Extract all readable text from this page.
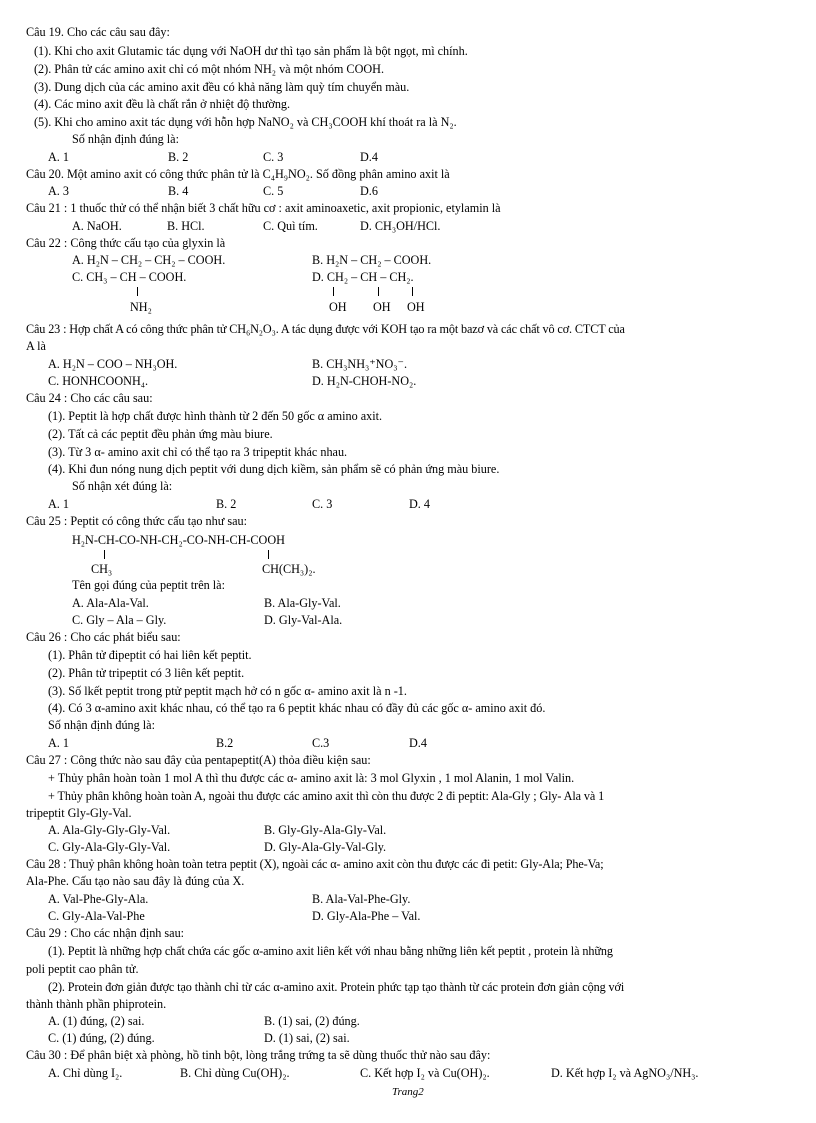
Câu 19. Cho các câu sau đây:
(1). Khi cho axit Glutamic tác dụng với NaOH dư thì tạo sản phẩm là bột ngọt, mì chính.
(2). Phân tử các amino axit chỉ có một nhóm NH₂ và một nhóm COOH.
(3). Dung dịch của các amino axit đều có khả năng làm quỳ tím chuyển màu.
(4). Các mino axit đều là chất rắn ở nhiệt độ thường.
(5). Khi cho amino axit tác dụng với hỗn hợp NaNO₂ và CH₃COOH khí thoát ra là N₂.
Số nhận định đúng là:
A. 1	B. 2	C. 3	D.4
Câu 20. Một amino axit có công thức phân tử là C₄H₉NO₂. Số đồng phân amino axit là
A. 3	B. 4	C. 5	D.6
Câu 21 : 1 thuốc thử có thể nhận biết 3 chất hữu cơ : axit aminoaxetic, axit propionic, etylamin là
A. NaOH.	B. HCl.	C. Quì tím.	D. CH₃OH/HCl.
Câu 22 : Công thức cấu tạo của glyxin là
A. H₂N – CH₂ – CH₂ – COOH.	B. H₂N – CH₂ – COOH.
C. CH₃ – CH – COOH.	D. CH₂ – CH – CH₂.
NH₂	OH OH OH
Câu 23 : Hợp chất A có công thức phân tử CH₆N₂O₃. A tác dụng được với KOH tạo ra một bazơ và các chất vô cơ. CTCT của
A là
A. H₂N – COO – NH₃OH.	B. CH₃NH₃⁺NO₃⁻.
C. HONHCOONH₄.	D. H₂N-CHOH-NO₂.
Câu 24 : Cho các câu sau:
(1). Peptit là hợp chất được hình thành từ 2 đến 50 gốc α amino axit.
(2). Tất cả các peptit đều phản ứng màu biure.
(3). Từ 3 α- amino axit chỉ có thể tạo ra 3 tripeptit khác nhau.
(4). Khi đun nóng nung dịch peptit với dung dịch kiềm, sản phẩm sẽ có phản ứng màu biure.
Số nhận xét đúng là:
A. 1	B. 2	C. 3	D. 4
Câu 25 : Peptit có công thức cấu tạo như sau:
H₂N-CH-CO-NH-CH₂-CO-NH-CH-COOH
CH₃	CH(CH₃)₂.
Tên gọi đúng của peptit trên là:
A. Ala-Ala-Val.	B. Ala-Gly-Val.
C. Gly – Ala – Gly.	D. Gly-Val-Ala.
Câu 26 : Cho các phát biểu sau:
(1). Phân tử đipeptit có hai liên kết peptit.
(2). Phân tử tripeptit có 3 liên kết peptit.
(3). Số lkết peptit trong ptử peptit mạch hở có n gốc α- amino axit là n -1.
(4). Có 3 α-amino axit khác nhau, có thể tạo ra 6 peptit khác nhau có đầy đủ các gốc α- amino axit đó.
Số nhận định đúng là:
A. 1	B.2	C.3	D.4
Câu 27 : Công thức nào sau đây của pentapeptit(A) thỏa điều kiện sau:
+ Thủy phân hoàn toàn 1 mol A thì thu được các α- amino axit là: 3 mol Glyxin , 1 mol Alanin, 1 mol Valin.
+ Thủy phân không hoàn toàn A, ngoài thu được các amino axit thì còn thu được 2 đi peptit: Ala-Gly ; Gly- Ala và 1
tripeptit Gly-Gly-Val.
A. Ala-Gly-Gly-Gly-Val.	B. Gly-Gly-Ala-Gly-Val.
C. Gly-Ala-Gly-Gly-Val.	D. Gly-Ala-Gly-Val-Gly.
Câu 28 : Thuỷ phân không hoàn toàn tetra peptit (X), ngoài các α- amino axit còn thu được các đi petit: Gly-Ala; Phe-Va;
Ala-Phe. Cấu tạo nào sau đây là đúng của X.
A. Val-Phe-Gly-Ala.	B. Ala-Val-Phe-Gly.
C. Gly-Ala-Val-Phe	D. Gly-Ala-Phe – Val.
Câu 29 : Cho các nhận định sau:
(1). Peptit là những hợp chất chứa các gốc α-amino axit liên kết với nhau bằng những liên kết peptit , protein là những
poli peptit cao phân tử.
(2). Protein đơn giản được tạo thành chỉ từ các α-amino axit. Protein phức tạp tạo thành từ các protein đơn giản cộng với
thành thành phần phiprotein.
A. (1) đúng, (2) sai.	B. (1) sai, (2) đúng.
C. (1) đúng, (2) đúng.	D. (1) sai, (2) sai.
Câu 30 : Để phân biệt xà phòng, hồ tinh bột, lòng trắng trứng ta sẽ dùng thuốc thử nào sau đây:
A. Chỉ dùng I₂.	B. Chỉ dùng Cu(OH)₂.	C. Kết hợp I₂ và Cu(OH)₂.	D. Kết hợp I₂ và AgNO₃/NH₃.
Trang2
